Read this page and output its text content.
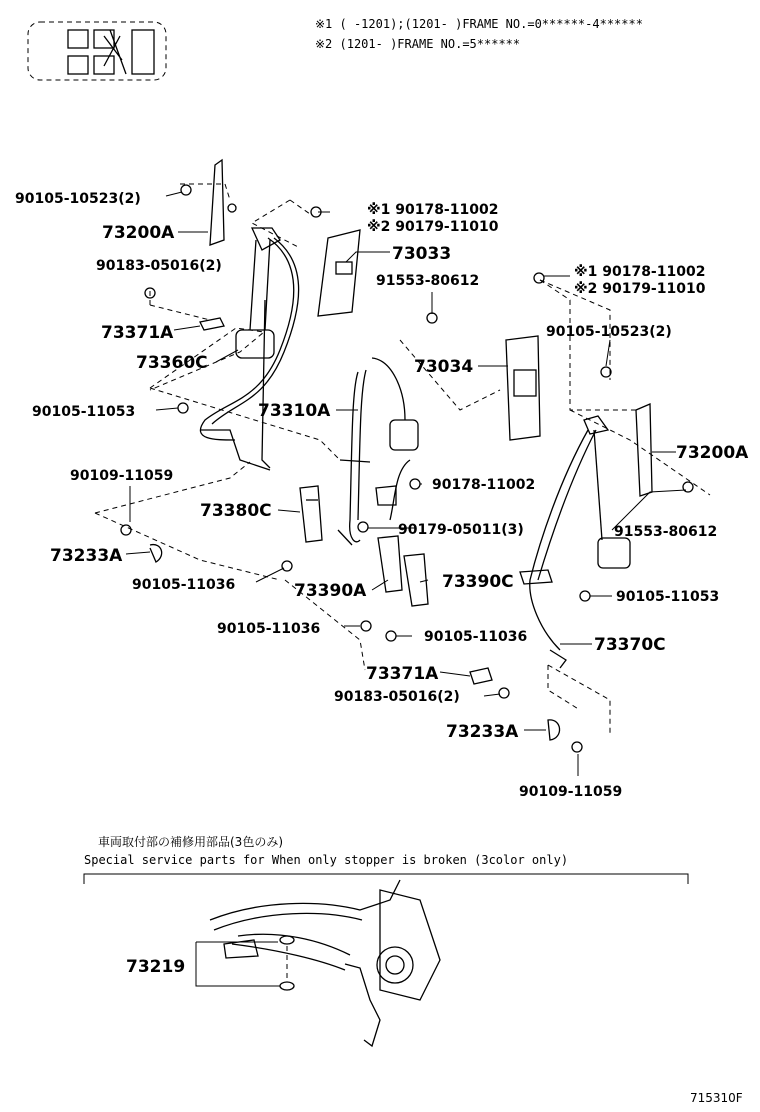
※1 ( -1201);(1201- )FRAME NO.=0******-4******
※2 (1201- )FRAME NO.=5******
90105-10523(2)
73200A
90183-05016(2)
73371A
73360C
90105-11053	73310A
90109-11059
73380C
73233A
90105-11036	73390A
90105-11036
73371A
90183-05016(2)
73233A
90109-11059
73370C
90105-11036
73390C
90179-05011(3)
90178-11002
73034
91553-80612
90105-11053
73200A
90105-10523(2)
※1 90178-11002
※2 90179-11010
73033
※1 90178-11002
※2 90179-11010
91553-80612
車両取付部の補修用部品(3色のみ)
Special service parts for When only stopper is broken (3color only)
73219
715310F
